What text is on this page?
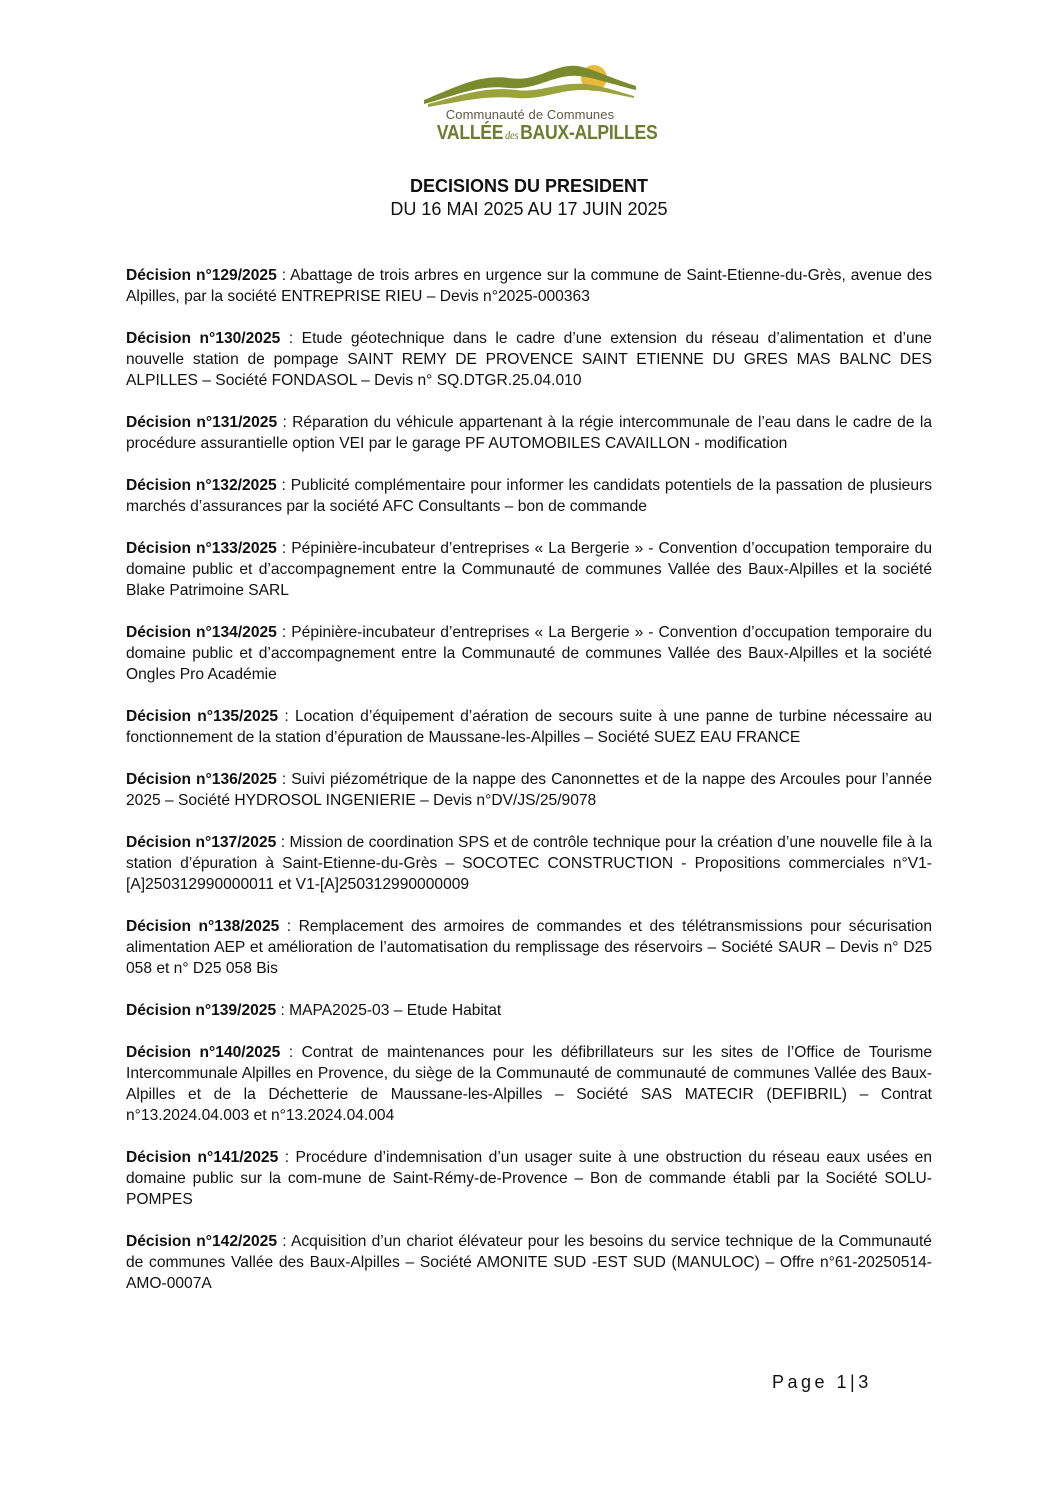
Communauté de Communes
VALLÉE desBAUX-ALPILLES
DECISIONS DU PRESIDENT
DU 16 MAI 2025 AU 17 JUIN 2025

Décision n°129/2025 : Abattage de trois arbres en urgence sur la commune de Saint-Etienne-du-Grès, avenue des Alpilles, par la société ENTREPRISE RIEU – Devis n°2025-000363

Décision n°130/2025 : Etude géotechnique dans le cadre d’une extension du réseau d’alimentation et d’une nouvelle station de pompage SAINT REMY DE PROVENCE SAINT ETIENNE DU GRES MAS BALNC DES ALPILLES – Société FONDASOL – Devis n° SQ.DTGR.25.04.010

Décision n°131/2025 : Réparation du véhicule appartenant à la régie intercommunale de l’eau dans le cadre de la procédure assurantielle option VEI par le garage PF AUTOMOBILES CAVAILLON - modification

Décision n°132/2025 : Publicité complémentaire pour informer les candidats potentiels de la passation de plusieurs marchés d’assurances par la société AFC Consultants – bon de commande

Décision n°133/2025 : Pépinière-incubateur d’entreprises « La Bergerie » - Convention d’occupation temporaire du domaine public et d’accompagnement entre la Communauté de communes Vallée des Baux-Alpilles et la société Blake Patrimoine SARL

Décision n°134/2025 : Pépinière-incubateur d’entreprises « La Bergerie » - Convention d’occupation temporaire du domaine public et d’accompagnement entre la Communauté de communes Vallée des Baux-Alpilles et la société Ongles Pro Académie

Décision n°135/2025 : Location d’équipement d’aération de secours suite à une panne de turbine nécessaire au fonctionnement de la station d’épuration de Maussane-les-Alpilles – Société SUEZ EAU FRANCE

Décision n°136/2025 : Suivi piézométrique de la nappe des Canonnettes et de la nappe des Arcoules pour l’année 2025 – Société HYDROSOL INGENIERIE – Devis n°DV/JS/25/9078

Décision n°137/2025 : Mission de coordination SPS et de contrôle technique pour la création d’une nouvelle file à la station d’épuration à Saint-Etienne-du-Grès – SOCOTEC CONSTRUCTION - Propositions commerciales n°V1-[A]250312990000011 et V1-[A]250312990000009

Décision n°138/2025 : Remplacement des armoires de commandes et des télétransmissions pour sécurisation alimentation AEP et amélioration de l’automatisation du remplissage des réservoirs – Société SAUR – Devis n° D25 058 et n° D25 058 Bis

Décision n°139/2025 : MAPA2025-03 – Etude Habitat

Décision n°140/2025 : Contrat de maintenances pour les défibrillateurs sur les sites de l’Office de Tourisme Intercommunale Alpilles en Provence, du siège de la Communauté de communauté de communes Vallée des Baux-Alpilles et de la Déchetterie de Maussane-les-Alpilles – Société SAS MATECIR (DEFIBRIL) – Contrat n°13.2024.04.003 et n°13.2024.04.004

Décision n°141/2025 : Procédure d’indemnisation d’un usager suite à une obstruction du réseau eaux usées en domaine public sur la com-mune de Saint-Rémy-de-Provence – Bon de commande établi par la Société SOLU-POMPES

Décision n°142/2025 : Acquisition d’un chariot élévateur pour les besoins du service technique de la Communauté de communes Vallée des Baux-Alpilles – Société AMONITE SUD -EST SUD (MANULOC) – Offre n°61-20250514-AMO-0007A

Page 1|3
